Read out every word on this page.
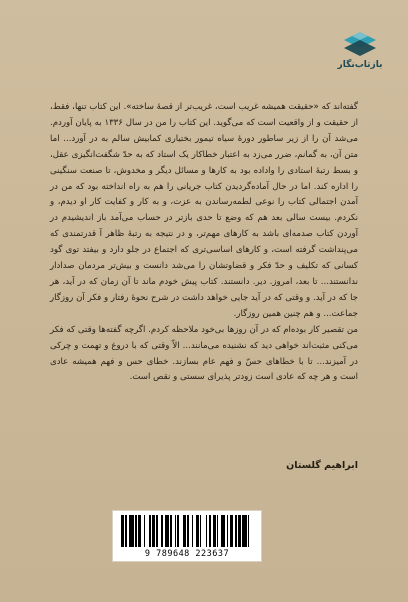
بازتاب‌نگار

گفته‌اند که «حقیقت همیشه غریب است، غریب‌تر از قصهٔ ساخته». این کتاب تنها، فقط، از حقیقت و از واقعیت است که می‌گوید. این کتاب را من در سال ۱۳۳۶ به پایان آوردم. می‌شد آن را از زیر ساطور دورهٔ سیاه تیمور بختیاری کمابیش سالم به در آورد... اما متن آن، به گمانم، ضرر می‌زد به اعتبار خطاکار یک استاد که به حدّ شگفت‌انگیزی عقل، و بسط رتبهٔ استادی را واداده بود به کارها و مسائل دیگر و مخدوش، تا صنعت سنگینی را اداره کند. اما در حال آماده‌گردیدن کتاب جریانی را هم به راه انداخته بود که من در آمدن اجتمالی کتاب را نوعی لطمه‌رساندن به عزت، و به کار و کفایت کار او دیدم، و نکردم. بیست سالی بعد هم که وضع تا حدی بازتر در حساب می‌آمد باز اندیشیدم در آوردن کتاب صدمه‌ای باشد به کارهای مهم‌تر، و در نتیجه به رتبهٔ ظاهر آ قدرتمندی که می‌پنداشت گرفته است، و کارهای اساسی‌تری که اجتماع در جلو دارد و بیفتد توی گود کسانی که تکلیف و حدّ فکر و قضاوتشان را می‌شد دانست و بیش‌تر مردمان صدادار ندانستند... تا بعد، امروز. دیر. دانستند. کتاب پیش خودم ماند تا آن زمان که در آید، هر جا که در آید. و وقتی که در آید جایی خواهد داشت در شرح نحوهٔ رفتار و فکر آن روزگار جماعت... و هم چنین همین روزگار.

من تقصیر کار بوده‌ام که در آن روزها بی‌خود ملاحظه کردم. اگرچه گفته‌ها وقتی که فکر می‌کنی مثبت‌اند خواهی دید که نشنیده می‌مانند... الاّ وقتی که با دروغ و تهمت و چرکی در آمیزند... تا با خطاهای حسّ و فهم عام بسازند. خطای حس و فهم همیشه عادی است و هر چه که عادی است زودتر پذیرای سستی و نقص است.

ابراهیم گلستان
9 789648 223637
